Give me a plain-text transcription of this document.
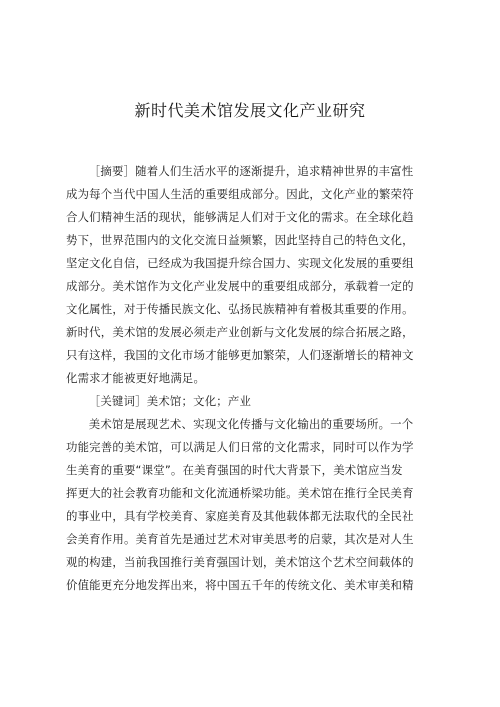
新时代美术馆发展文化产业研究
［摘要］随着人们生活水平的逐渐提升，追求精神世界的丰富性
成为每个当代中国人生活的重要组成部分。因此，文化产业的繁荣符
合人们精神生活的现状，能够满足人们对于文化的需求。在全球化趋
势下，世界范围内的文化交流日益频繁，因此坚持自己的特色文化，
坚定文化自信，已经成为我国提升综合国力、实现文化发展的重要组
成部分。美术馆作为文化产业发展中的重要组成部分，承载着一定的
文化属性，对于传播民族文化、弘扬民族精神有着极其重要的作用。
新时代，美术馆的发展必须走产业创新与文化发展的综合拓展之路，
只有这样，我国的文化市场才能够更加繁荣，人们逐渐增长的精神文
化需求才能被更好地满足。
［关键词］美术馆；文化；产业
美术馆是展现艺术、实现文化传播与文化输出的重要场所。一个
功能完善的美术馆，可以满足人们日常的文化需求，同时可以作为学
生美育的重要“课堂”。在美育强国的时代大背景下，美术馆应当发
挥更大的社会教育功能和文化流通桥梁功能。美术馆在推行全民美育
的事业中，具有学校美育、家庭美育及其他载体都无法取代的全民社
会美育作用。美育首先是通过艺术对审美思考的启蒙，其次是对人生
观的构建，当前我国推行美育强国计划，美术馆这个艺术空间载体的
价值能更充分地发挥出来，将中国五千年的传统文化、美术审美和精
